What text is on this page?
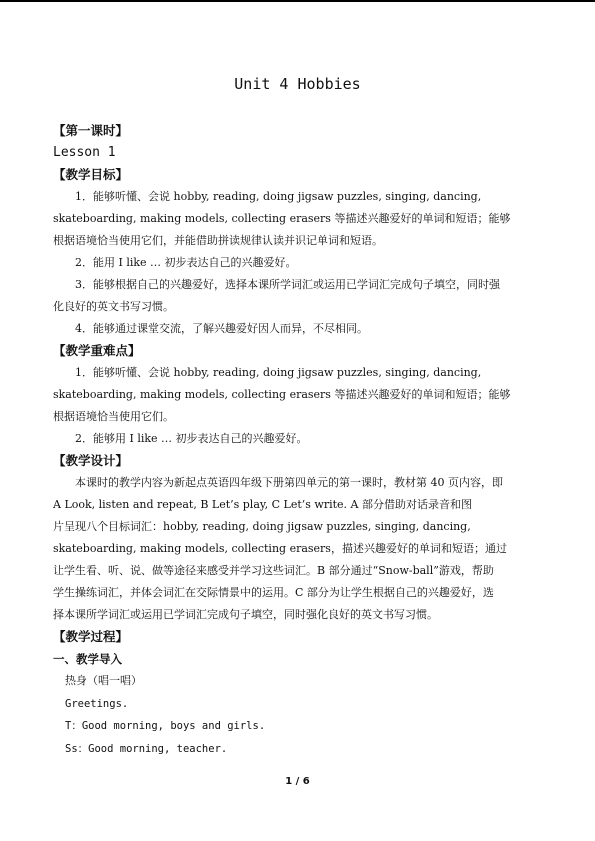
Unit 4 Hobbies
【第一课时】
Lesson 1
【教学目标】

1．能够听懂、会说 hobby, reading, doing jigsaw puzzles, singing, dancing,

skateboarding, making models, collecting erasers 等描述兴趣爱好的单词和短语；能够

根据语境恰当使用它们，并能借助拼读规律认读并识记单词和短语。

2．能用 I like … 初步表达自己的兴趣爱好。

3．能够根据自己的兴趣爱好，选择本课所学词汇或运用已学词汇完成句子填空，同时强

化良好的英文书写习惯。

4．能够通过课堂交流，了解兴趣爱好因人而异，不尽相同。

【教学重难点】

1．能够听懂、会说 hobby, reading, doing jigsaw puzzles, singing, dancing,

skateboarding, making models, collecting erasers 等描述兴趣爱好的单词和短语；能够

根据语境恰当使用它们。

2．能够用 I like … 初步表达自己的兴趣爱好。

【教学设计】

本课时的教学内容为新起点英语四年级下册第四单元的第一课时，教材第 40 页内容，即

A Look, listen and repeat, B Let’s play, C Let’s write. A 部分借助对话录音和图

片呈现八个目标词汇：hobby, reading, doing jigsaw puzzles, singing, dancing,

skateboarding, making models, collecting erasers，描述兴趣爱好的单词和短语；通过

让学生看、听、说、做等途径来感受并学习这些词汇。B 部分通过“Snow-ball”游戏，帮助

学生操练词汇，并体会词汇在交际情景中的运用。C 部分为让学生根据自己的兴趣爱好，选

择本课所学词汇或运用已学词汇完成句子填空，同时强化良好的英文书写习惯。

【教学过程】
一、教学导入

热身（唱一唱）

Greetings.

T：Good morning, boys and girls.

Ss：Good morning, teacher.

1 / 6
